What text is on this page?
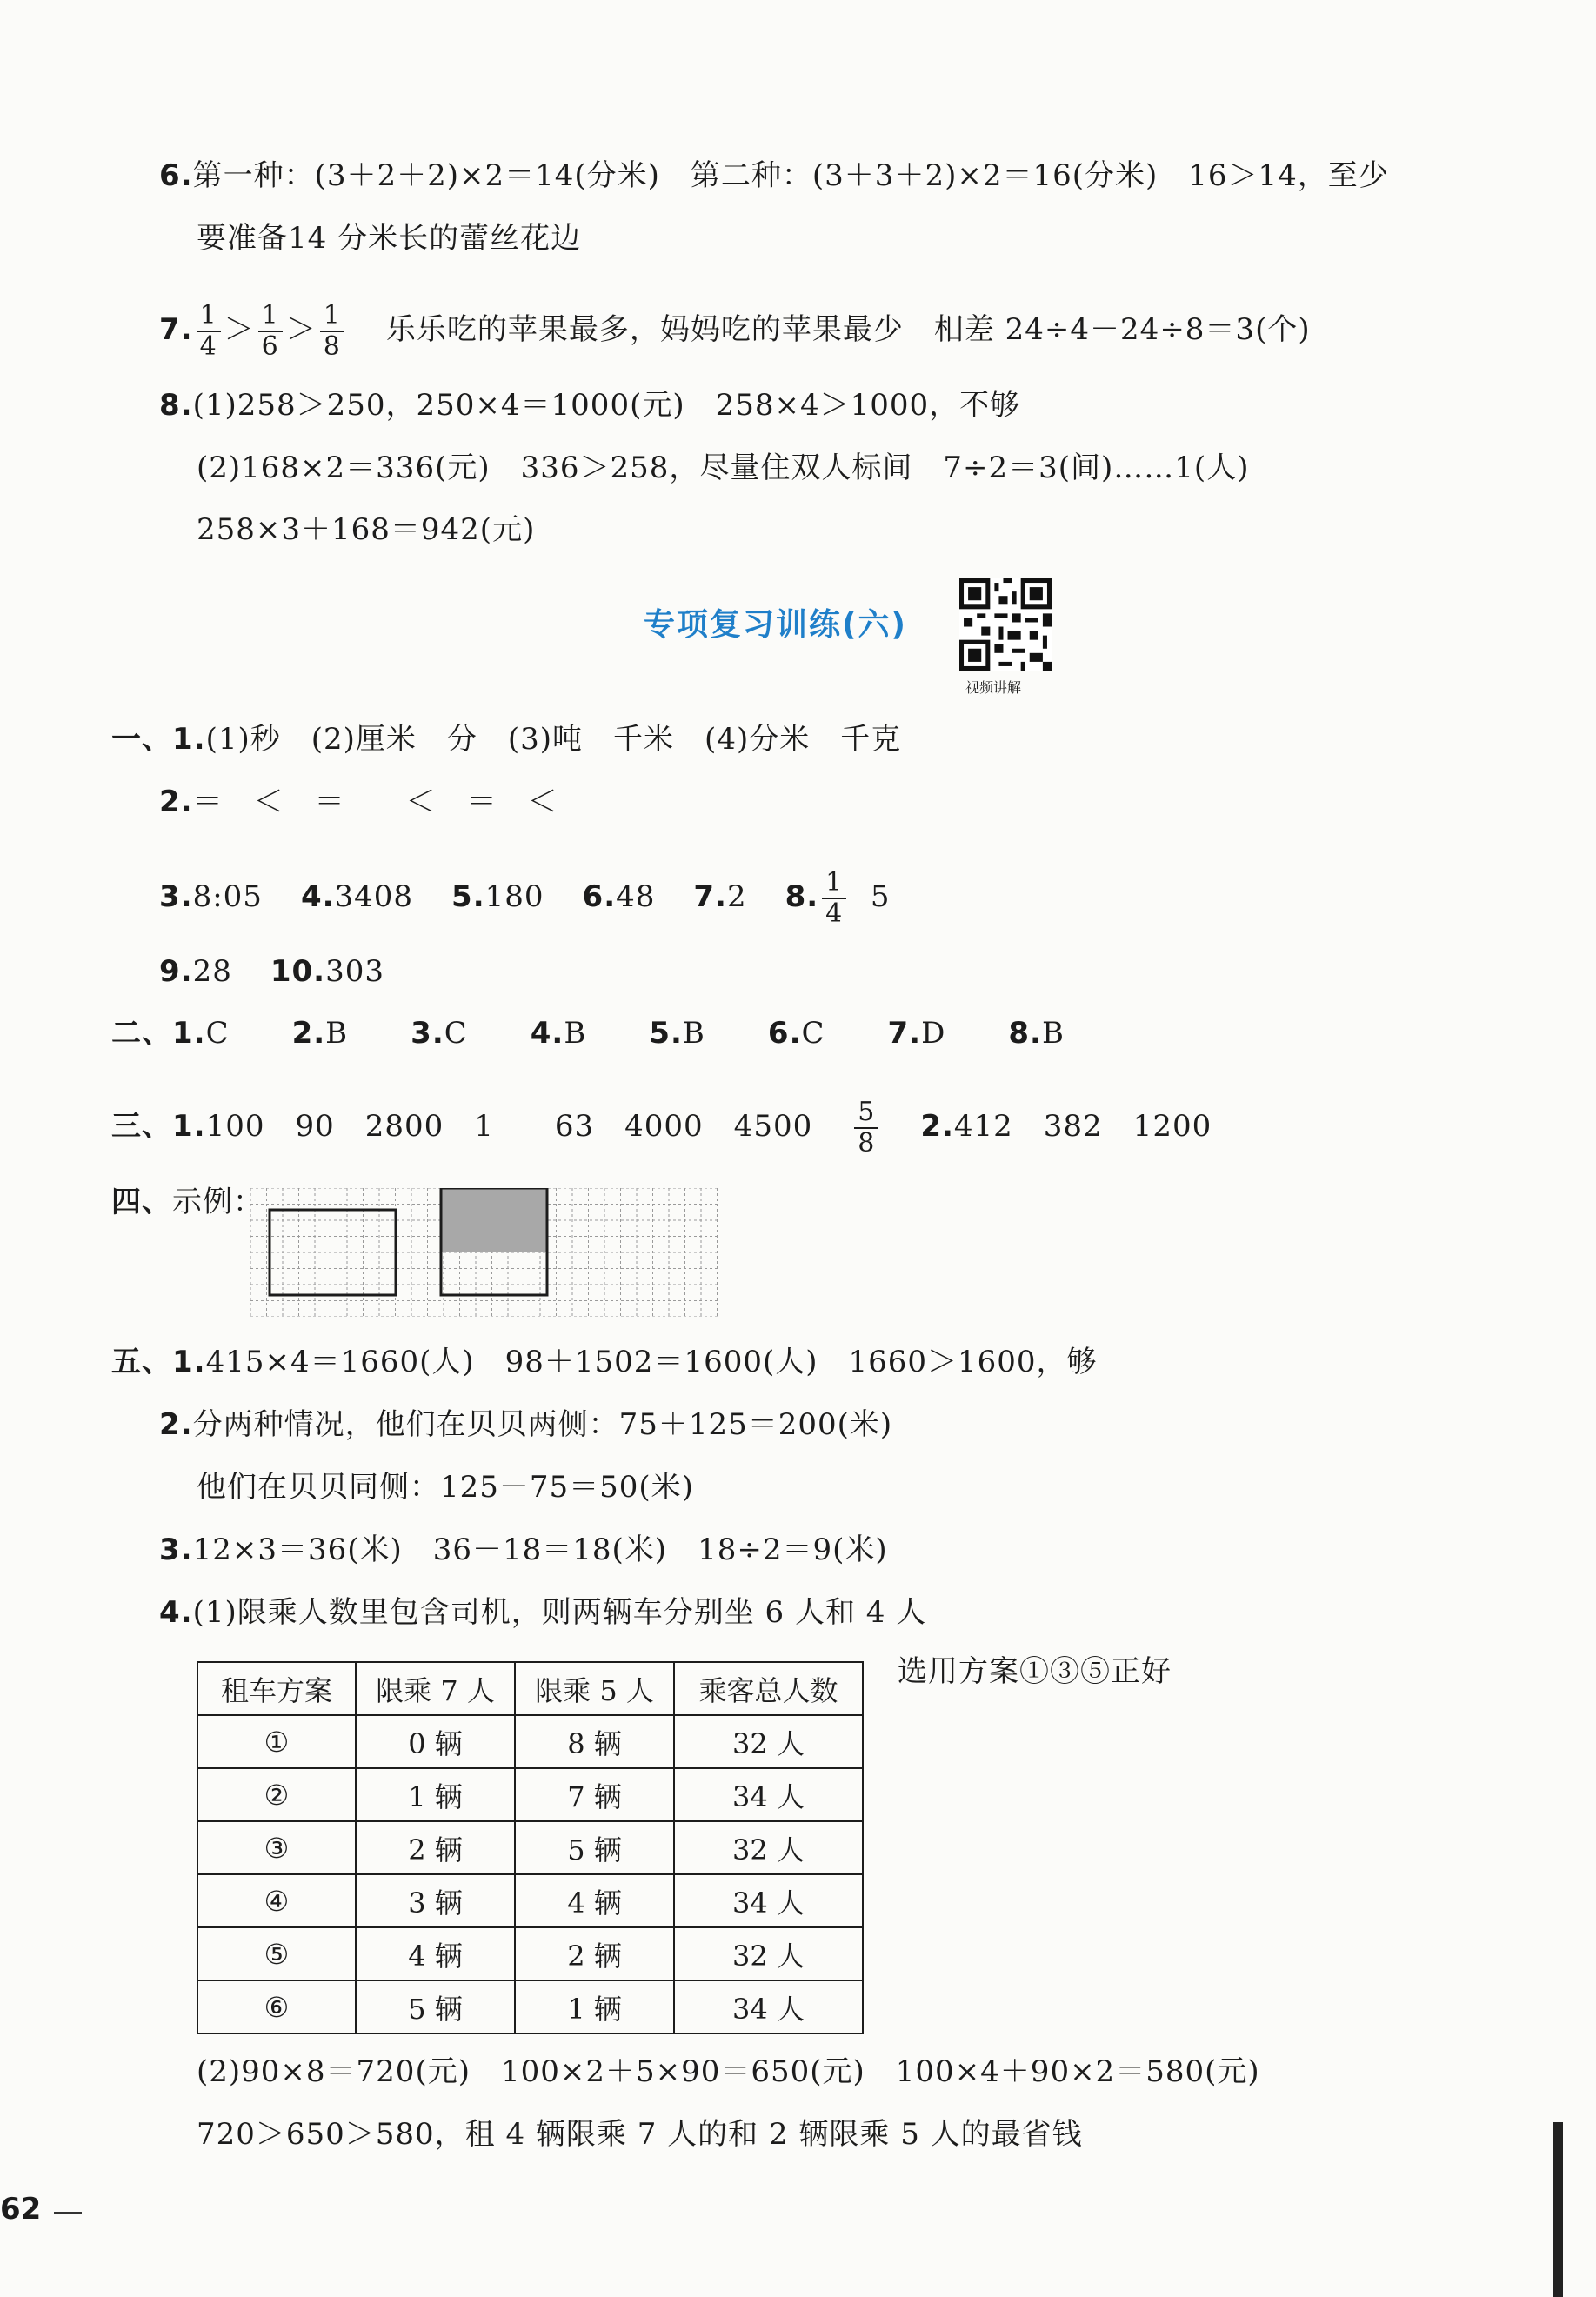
6.第一种：(3＋2＋2)×2＝14(分米)　第二种：(3＋3＋2)×2＝16(分米)　16＞14，至少
要准备14 分米长的蕾丝花边
7. $\frac{1}{4} > \frac{1}{6} > \frac{1}{8}$ 乐乐吃的苹果最多，妈妈吃的苹果最少　相差 24÷4－24÷8＝3(个)
8.(1)258＞250，250×4＝1000(元)　258×4＞1000，不够
(2)168×2＝336(元)　336＞258，尽量住双人标间　7÷2＝3(间)……1(人)
258×3＋168＝942(元)
专项复习训练(六)
视频讲解
一、1.(1)秒　(2)厘米　分　(3)吨　千米　(4)分米　千克
2.＝　＜　＝　　＜　＝　＜
3.8:05 4.3408 5.180 6.48 7.2 8. $\frac{1}{4} 5$
9.28 10.303
二、1.C 2.B 3.C 4.B 5.B 6.C 7.D 8.B
三、1.100　90　2800　1　　63　4000　$4500 \frac{5}{8} 2.412$　382　1200
四、示例：
五、1.415×4＝1660(人)　98＋1502＝1600(人)　1660＞1600，够
2.分两种情况，他们在贝贝两侧：75＋125＝200(米)
他们在贝贝同侧：125－75＝50(米)
3.12×3＝36(米)　36－18＝18(米)　18÷2＝9(米)
4.(1)限乘人数里包含司机，则两辆车分别坐 6 人和 4 人
租车方案	限乘 7 人	限乘 5 人	乘客总人数
①	0 辆	8 辆	32 人
②	1 辆	7 辆	34 人
③	2 辆	5 辆	32 人
④	3 辆	4 辆	34 人
⑤	4 辆	2 辆	32 人
⑥	5 辆	1 辆	34 人
选用方案①③⑤正好
(2)90×8＝720(元)　100×2＋5×90＝650(元)　100×4＋90×2＝580(元)
720＞650＞580，租 4 辆限乘 7 人的和 2 辆限乘 5 人的最省钱
62
